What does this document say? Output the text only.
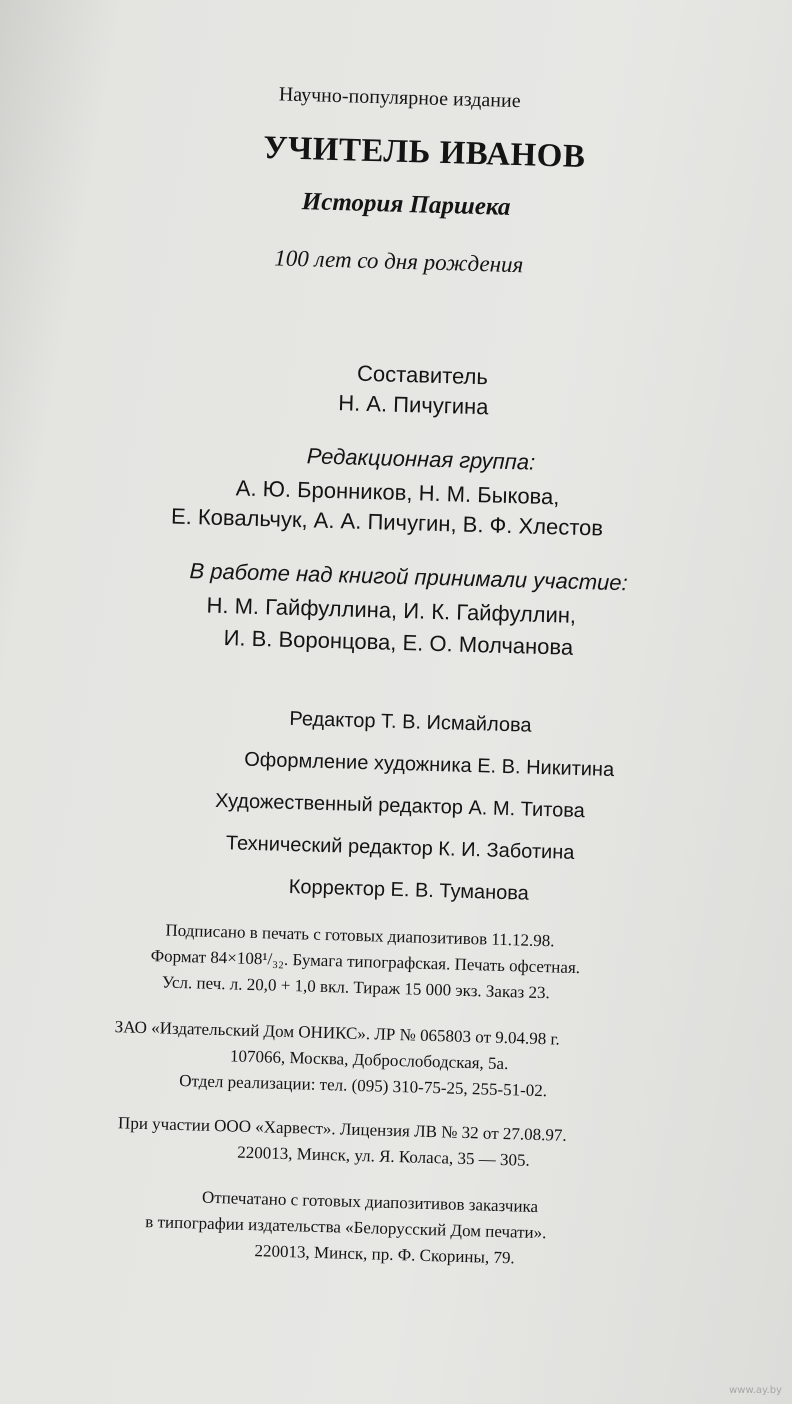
Научно-популярное издание
УЧИТЕЛЬ ИВАНОВ
История Паршека
100 лет со дня рождения
Составитель
Н. А. Пичугина
Редакционная группа:
А. Ю. Бронников, Н. М. Быкова,
Е. Ковальчук, А. А. Пичугин, В. Ф. Хлестов
В работе над книгой принимали участие:
Н. М. Гайфуллина, И. К. Гайфуллин,
И. В. Воронцова, Е. О. Молчанова
Редактор Т. В. Исмайлова
Оформление художника Е. В. Никитина
Художественный редактор А. М. Титова
Технический редактор К. И. Заботина
Корректор Е. В. Туманова
Подписано в печать с готовых диапозитивов 11.12.98.
Формат 84×108¹/₃₂. Бумага типографская. Печать офсетная.
Усл. печ. л. 20,0 + 1,0 вкл. Тираж 15 000 экз. Заказ 23.
ЗАО «Издательский Дом ОНИКС». ЛР № 065803 от 9.04.98 г.
107066, Москва, Доброслободская, 5а.
Отдел реализации: тел. (095) 310-75-25, 255-51-02.
При участии ООО «Харвест». Лицензия ЛВ № 32 от 27.08.97.
220013, Минск, ул. Я. Коласа, 35 — 305.
Отпечатано с готовых диапозитивов заказчика
в типографии издательства «Белорусский Дом печати».
220013, Минск, пр. Ф. Скорины, 79.
www.ay.by
